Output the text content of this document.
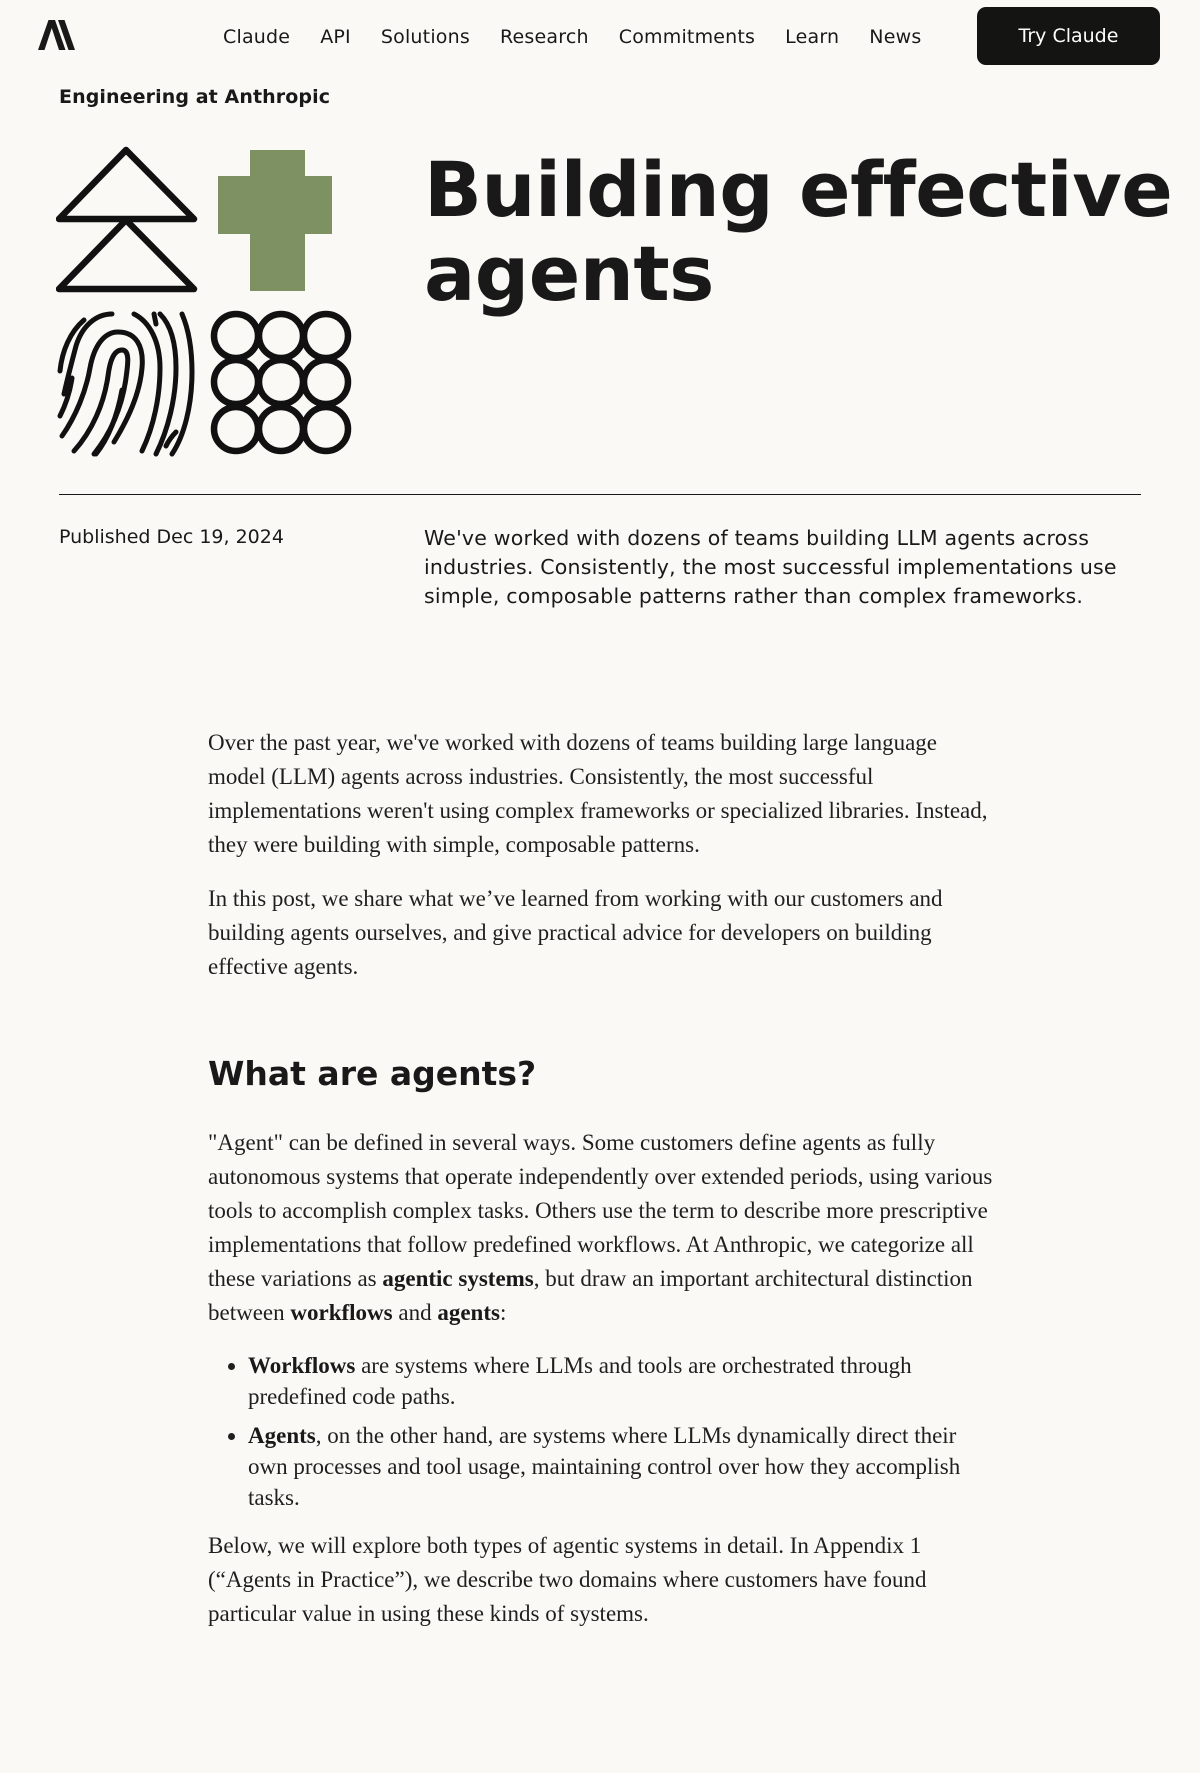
Claude API Solutions Research Commitments Learn News	Try Claude
Engineering at Anthropic
Building effective agents
Published Dec 19, 2024	We've worked with dozens of teams building LLM agents across industries. Consistently, the most successful implementations use simple, composable patterns rather than complex frameworks.

Over the past year, we've worked with dozens of teams building large language model (LLM) agents across industries. Consistently, the most successful implementations weren't using complex frameworks or specialized libraries. Instead, they were building with simple, composable patterns.

In this post, we share what we’ve learned from working with our customers and building agents ourselves, and give practical advice for developers on building effective agents.

What are agents?

"Agent" can be defined in several ways. Some customers define agents as fully autonomous systems that operate independently over extended periods, using various tools to accomplish complex tasks. Others use the term to describe more prescriptive implementations that follow predefined workflows. At Anthropic, we categorize all these variations as agentic systems, but draw an important architectural distinction between workflows and agents:

• Workflows are systems where LLMs and tools are orchestrated through predefined code paths.
• Agents, on the other hand, are systems where LLMs dynamically direct their own processes and tool usage, maintaining control over how they accomplish tasks.

Below, we will explore both types of agentic systems in detail. In Appendix 1 (“Agents in Practice”), we describe two domains where customers have found particular value in using these kinds of systems.
